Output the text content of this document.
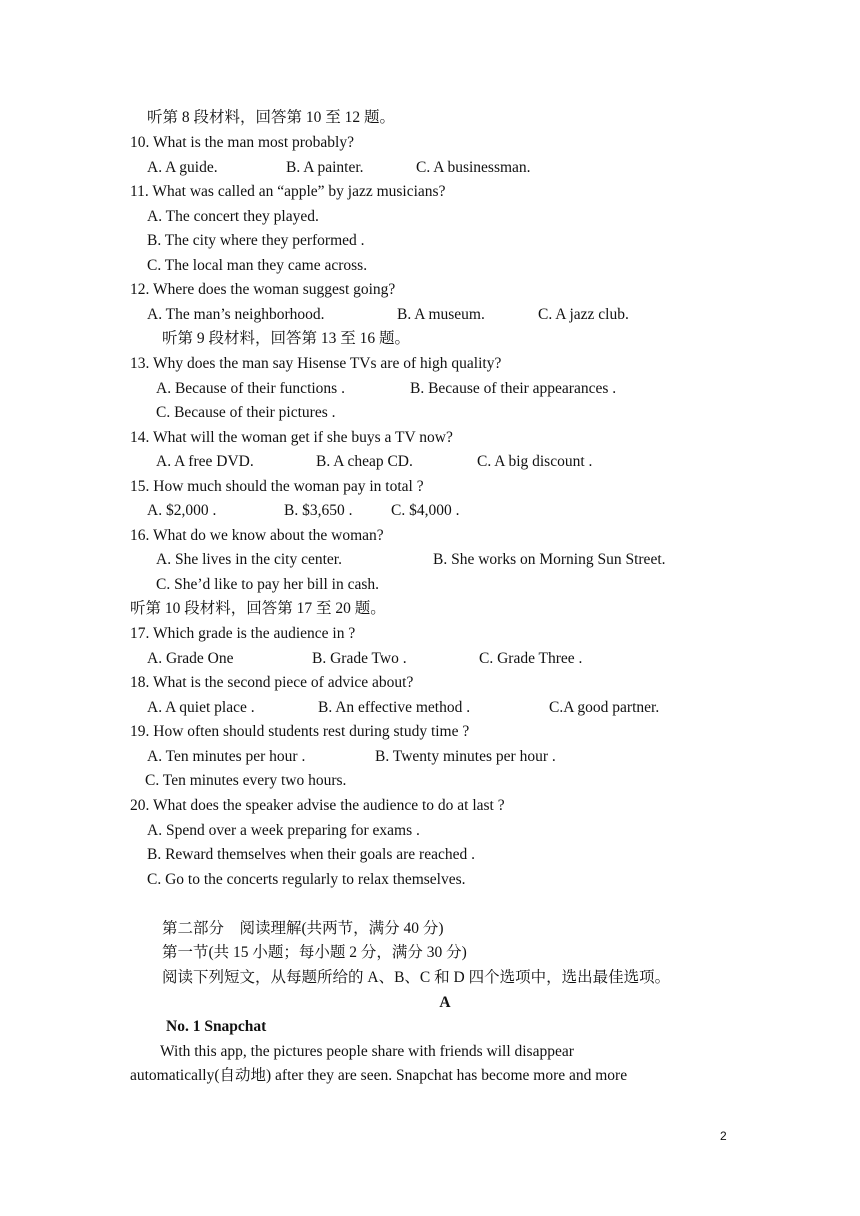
听第 8 段材料，回答第 10 至 12 题。
10. What is the man most probably?
A. A guide.	B. A painter.	C. A businessman.
11. What was called an “apple” by jazz musicians?
A. The concert they played.
B. The city where they performed .
C. The local man they came across.
12. Where does the woman suggest going?
A. The man’s neighborhood.	B. A museum.	C. A jazz club.
听第 9 段材料，回答第 13 至 16 题。
13. Why does the man say Hisense TVs are of high quality?
A. Because of their functions .	B. Because of their appearances .
C. Because of their pictures .
14. What will the woman get if she buys a TV now?
A. A free DVD.	B. A cheap CD.	C. A big discount .
15. How much should the woman pay in total ?
A. $2,000 .	B. $3,650 . C. $4,000 .
16. What do we know about the woman?
A. She lives in the city center.	B. She works on Morning Sun Street.
C. She’d like to pay her bill in cash.
听第 10 段材料，回答第 17 至 20 题。
17. Which grade is the audience in ?
A. Grade One	B. Grade Two .	C. Grade Three .
18. What is the second piece of advice about?
A. A quiet place .	B. An effective method .	C.A good partner.
19. How often should students rest during study time ?
A. Ten minutes per hour .	B. Twenty minutes per hour .
C. Ten minutes every two hours.
20. What does the speaker advise the audience to do at last ?
A. Spend over a week preparing for exams .
B. Reward themselves when their goals are reached .
C. Go to the concerts regularly to relax themselves.
第二部分　阅读理解(共两节，满分 40 分)
第一节(共 15 小题；每小题 2 分，满分 30 分)
阅读下列短文，从每题所给的 A、B、C 和 D 四个选项中，选出最佳选项。
A
No. 1 Snapchat
With this app, the pictures people share with friends will disappear
automatically(自动地) after they are seen. Snapchat has become more and more
2
